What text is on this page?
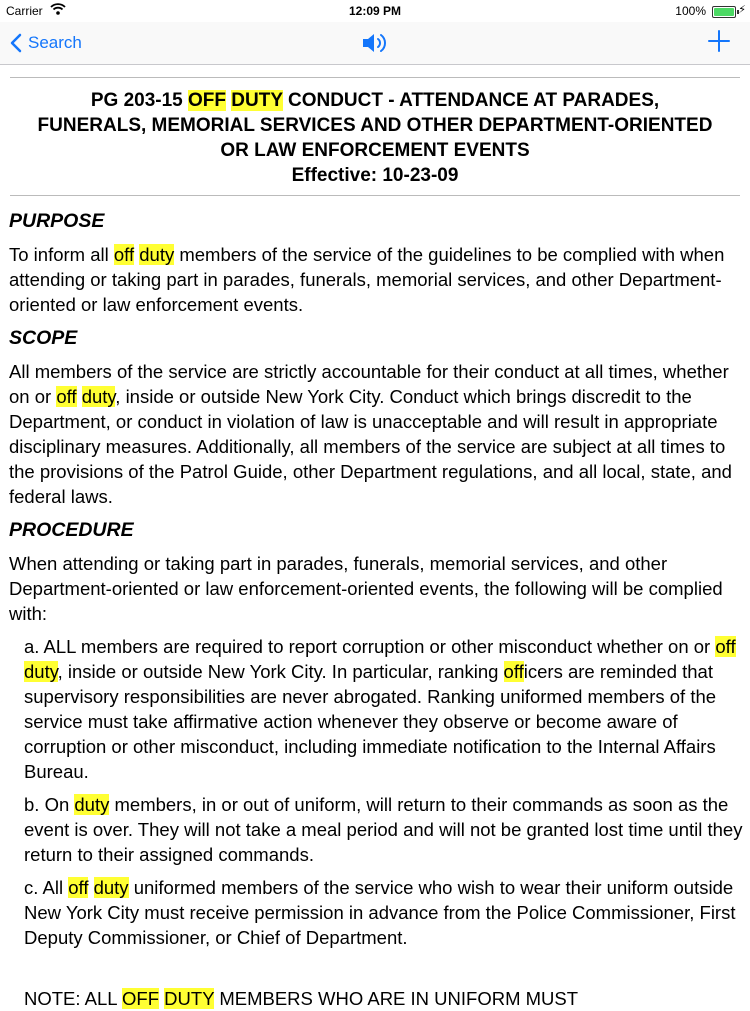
Carrier	12:09 PM	100%	⚡
Search
PG 203-15 OFF DUTY CONDUCT - ATTENDANCE AT PARADES,
FUNERALS, MEMORIAL SERVICES AND OTHER DEPARTMENT-ORIENTED
OR LAW ENFORCEMENT EVENTS
Effective: 10-23-09
PURPOSE
To inform all off duty members of the service of the guidelines to be complied with when attending or taking part in parades, funerals, memorial services, and other Department-oriented or law enforcement events.
SCOPE
All members of the service are strictly accountable for their conduct at all times, whether on or off duty, inside or outside New York City. Conduct which brings discredit to the Department, or conduct in violation of law is unacceptable and will result in appropriate disciplinary measures. Additionally, all members of the service are subject at all times to the provisions of the Patrol Guide, other Department regulations, and all local, state, and federal laws.
PROCEDURE
When attending or taking part in parades, funerals, memorial services, and other Department-oriented or law enforcement-oriented events, the following will be complied with:
a. ALL members are required to report corruption or other misconduct whether on or off duty, inside or outside New York City. In particular, ranking officers are reminded that supervisory responsibilities are never abrogated. Ranking uniformed members of the service must take affirmative action whenever they observe or become aware of corruption or other misconduct, including immediate notification to the Internal Affairs Bureau.
b. On duty members, in or out of uniform, will return to their commands as soon as the event is over. They will not take a meal period and will not be granted lost time until they return to their assigned commands.
c. All off duty uniformed members of the service who wish to wear their uniform outside New York City must receive permission in advance from the Police Commissioner, First Deputy Commissioner, or Chief of Department.
NOTE: ALL OFF DUTY MEMBERS WHO ARE IN UNIFORM MUST
